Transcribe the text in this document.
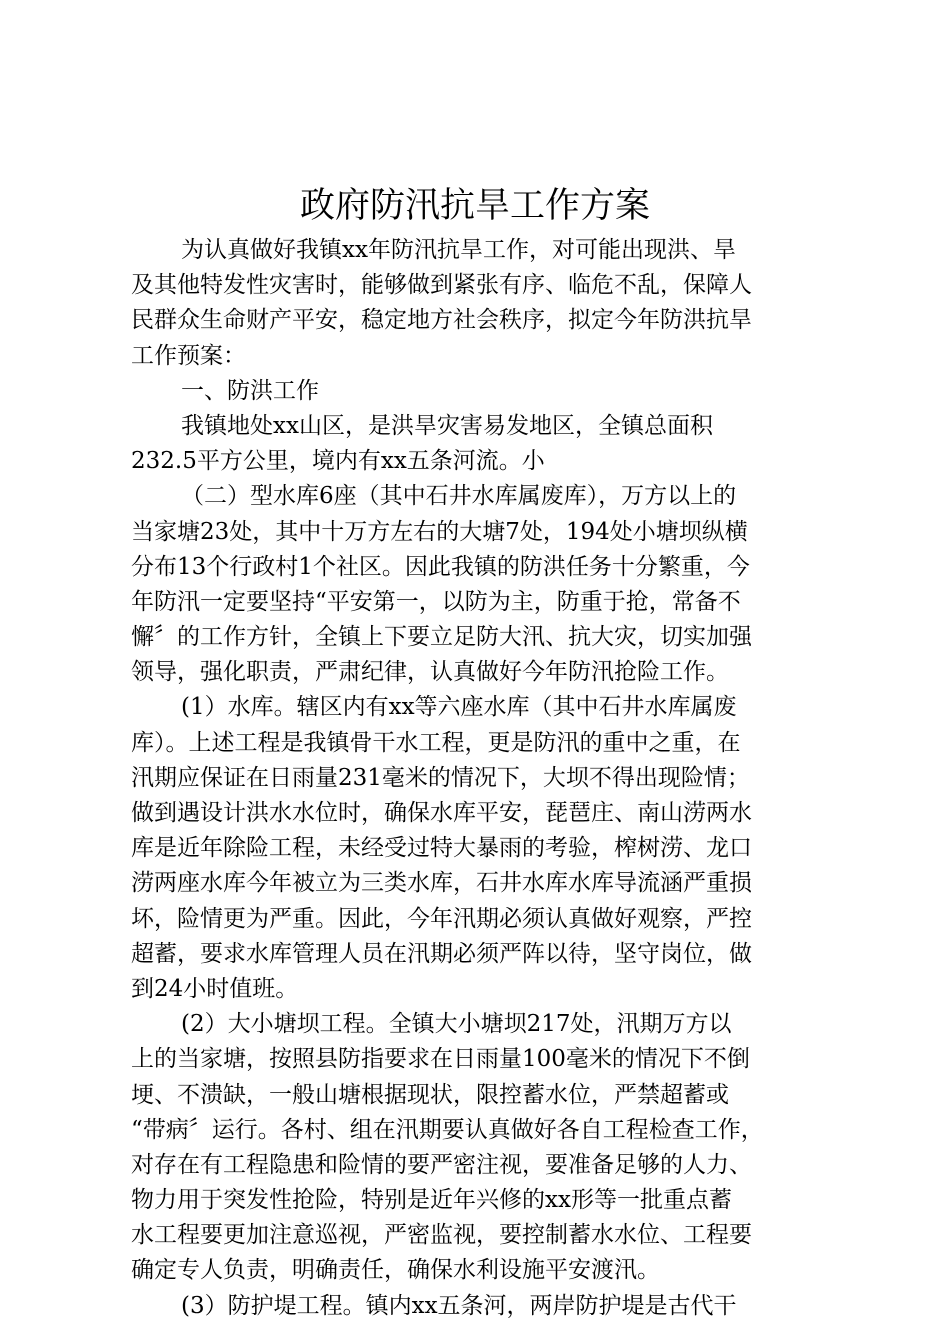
政府防汛抗旱工作方案
为认真做好我镇xx年防汛抗旱工作，对可能出现洪、旱
及其他特发性灾害时，能够做到紧张有序、临危不乱，保障人
民群众生命财产平安，稳定地方社会秩序，拟定今年防洪抗旱
工作预案：
一、防洪工作
我镇地处xx山区，是洪旱灾害易发地区，全镇总面积
232.5平方公里，境内有xx五条河流。小
（二）型水库6座（其中石井水库属废库），万方以上的
当家塘23处，其中十万方左右的大塘7处，194处小塘坝纵横
分布13个行政村1个社区。因此我镇的防洪任务十分繁重，今
年防汛一定要坚持“平安第一，以防为主，防重于抢，常备不
懈〞的工作方针，全镇上下要立足防大汛、抗大灾，切实加强
领导，强化职责，严肃纪律，认真做好今年防汛抢险工作。
(1）水库。辖区内有xx等六座水库（其中石井水库属废
库）。上述工程是我镇骨干水工程，更是防汛的重中之重，在
汛期应保证在日雨量231毫米的情况下，大坝不得出现险情；
做到遇设计洪水水位时，确保水库平安，琵琶庄、南山涝两水
库是近年除险工程，未经受过特大暴雨的考验，榨树涝、龙口
涝两座水库今年被立为三类水库，石井水库水库导流涵严重损
坏，险情更为严重。因此，今年汛期必须认真做好观察，严控
超蓄，要求水库管理人员在汛期必须严阵以待，坚守岗位，做
到24小时值班。
(2）大小塘坝工程。全镇大小塘坝217处，汛期万方以
上的当家塘，按照县防指要求在日雨量100毫米的情况下不倒
埂、不溃缺，一般山塘根据现状，限控蓄水位，严禁超蓄或
“带病〞运行。各村、组在汛期要认真做好各自工程检查工作，
对存在有工程隐患和险情的要严密注视，要准备足够的人力、
物力用于突发性抢险，特别是近年兴修的xx形等一批重点蓄
水工程要更加注意巡视，严密监视，要控制蓄水水位、工程要
确定专人负责，明确责任，确保水利设施平安渡汛。
(3）防护堤工程。镇内xx五条河，两岸防护堤是古代干
